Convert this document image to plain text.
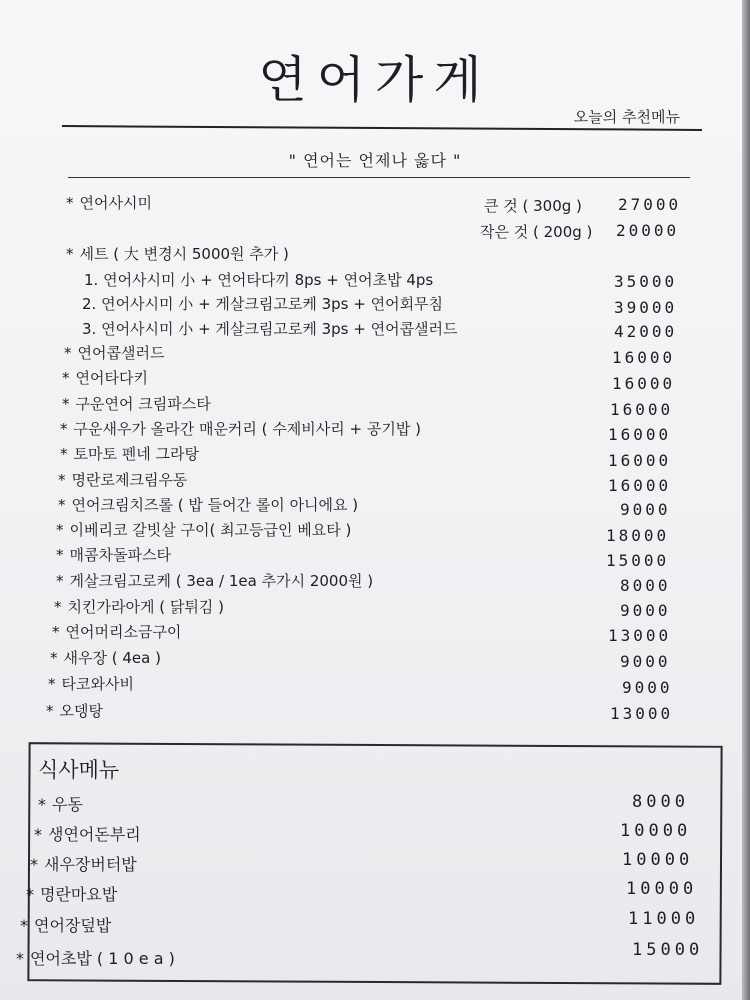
연어가게
오늘의 추천메뉴
" 연어는 언제나 옳다 "
* 연어사시미	큰 것 ( 300g ) 27000
작은 것 ( 200g ) 20000
* 세트 ( 大 변경시 5000원 추가 )
1. 연어사시미 小 + 연어타다끼 8ps + 연어초밥 4ps	35000
2. 연어사시미 小 + 게살크림고로케 3ps + 연어회무침	39000
3. 연어사시미 小 + 게살크림고로케 3ps + 연어콥샐러드	42000
* 연어콥샐러드	16000
* 연어타다키	16000
* 구운연어 크림파스타	16000
* 구운새우가 올라간 매운커리 ( 수제비사리 + 공기밥 )	16000
* 토마토 펜네 그라탕	16000
* 명란로제크림우동	16000
* 연어크림치즈롤 ( 밥 들어간 롤이 아니에요 )	9000
* 이베리코 갈빗살 구이( 최고등급인 베요타 )	18000
* 매콤차돌파스타	15000
* 게살크림고로케 ( 3ea / 1ea 추가시 2000원 )	8000
* 치킨가라아게 ( 닭튀김 )	9000
* 연어머리소금구이	13000
* 새우장 ( 4ea )	9000
* 타코와사비	9000
* 오뎅탕	13000
식사메뉴
* 우동	8000
* 생연어돈부리	10000
* 새우장버터밥	10000
* 명란마요밥	10000
* 연어장덮밥	11000
* 연어초밥 ( 1 0 e a )	15000
